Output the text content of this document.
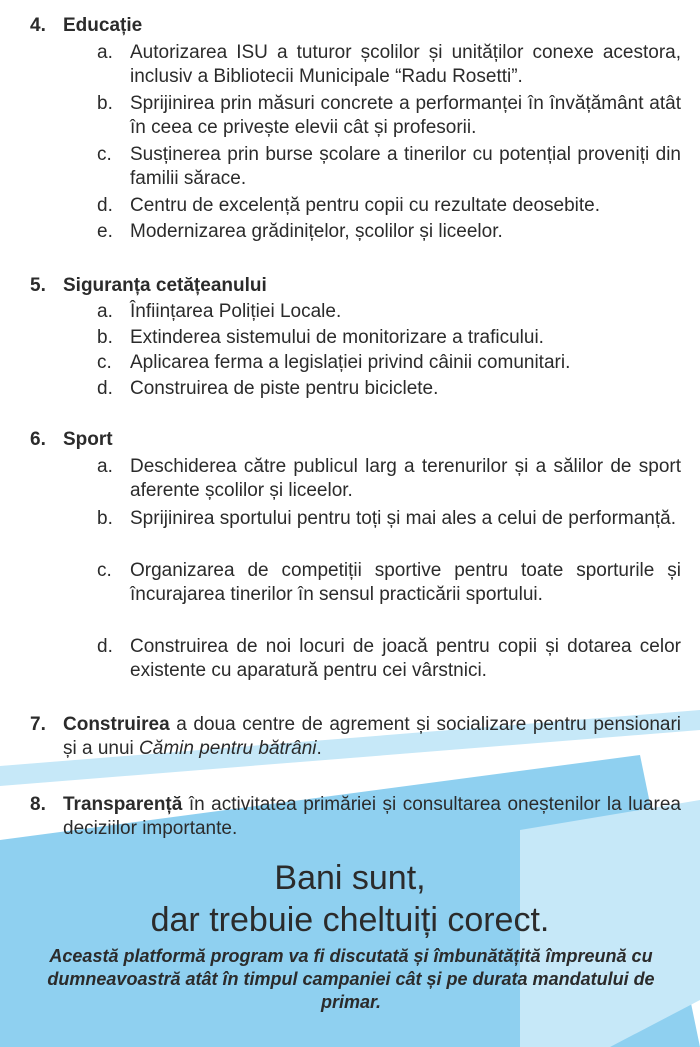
4. Educație
a. Autorizarea ISU a tuturor școlilor și unităților conexe acestora, inclusiv a Bibliotecii Municipale “Radu Rosetti”.
b. Sprijinirea prin măsuri concrete a performanței în învățământ atât în ceea ce privește elevii cât și profesorii.
c. Susținerea prin burse școlare a tinerilor cu potențial proveniți din familii sărace.
d. Centru de excelență pentru copii cu rezultate deosebite.
e. Modernizarea grădinițelor, școlilor și liceelor.
5. Siguranța cetățeanului
a. Înființarea Poliției Locale.
b. Extinderea sistemului de monitorizare a traficului.
c. Aplicarea ferma a legislației privind câinii comunitari.
d. Construirea de piste pentru biciclete.
6. Sport
a. Deschiderea către publicul larg a terenurilor și a sălilor de sport aferente școlilor și liceelor.
b. Sprijinirea sportului pentru toți și mai ales a celui de performanță.
c. Organizarea de competiții sportive pentru toate sporturile și încurajarea tinerilor în sensul practicării sportului.
d. Construirea de noi locuri de joacă pentru copii și dotarea celor existente cu aparatură pentru cei vârstnici.
7. Construirea a doua centre de agrement și socializare pentru pensionari și a unui Cămin pentru bătrâni.
8. Transparență în activitatea primăriei și consultarea oneștenilor la luarea deciziilor importante.
Bani sunt,
dar trebuie cheltuiți corect.
Această platformă program va fi discutată și îmbunătățită împreună cu dumneavoastră atât în timpul campaniei cât și pe durata mandatului de primar.
